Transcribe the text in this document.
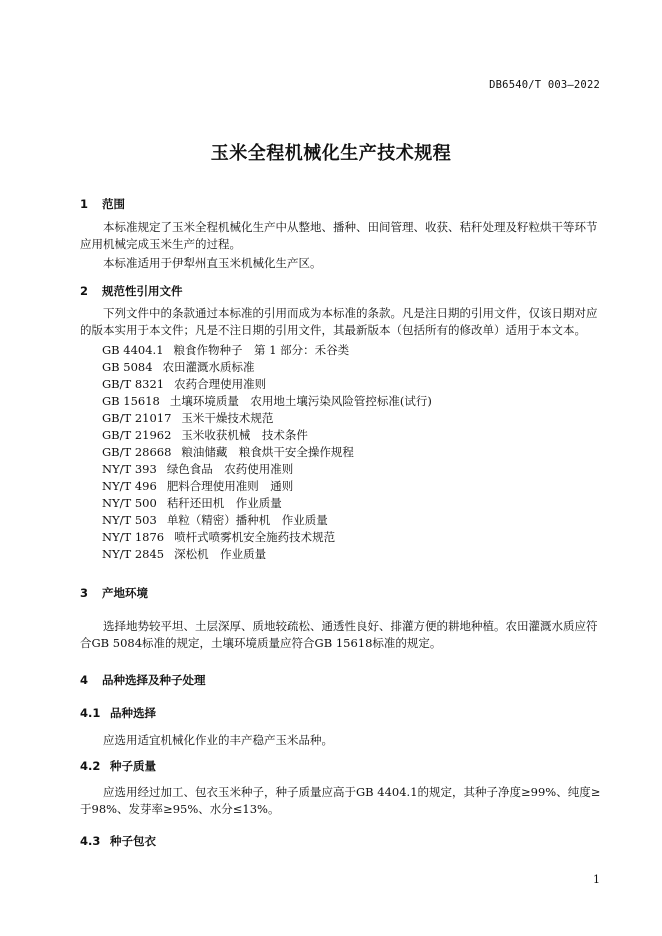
DB6540/T 003—2022
玉米全程机械化生产技术规程
1 范围
本标准规定了玉米全程机械化生产中从整地、播种、田间管理、收获、秸秆处理及籽粒烘干等环节应用机械完成玉米生产的过程。
本标准适用于伊犁州直玉米机械化生产区。
2 规范性引用文件
下列文件中的条款通过本标准的引用而成为本标准的条款。凡是注日期的引用文件，仅该日期对应的版本实用于本文件；凡是不注日期的引用文件，其最新版本（包括所有的修改单）适用于本文本。
GB 4404.1 粮食作物种子　第 1 部分：禾谷类
GB 5084 农田灌溉水质标准
GB/T 8321 农药合理使用准则
GB 15618 土壤环境质量　农用地土壤污染风险管控标准(试行)
GB/T 21017 玉米干燥技术规范
GB/T 21962 玉米收获机械　技术条件
GB/T 28668 粮油储藏　粮食烘干安全操作规程
NY/T 393 绿色食品　农药使用准则
NY/T 496 肥料合理使用准则　通则
NY/T 500 秸秆还田机　作业质量
NY/T 503 单粒（精密）播种机　作业质量
NY/T 1876 喷杆式喷雾机安全施药技术规范
NY/T 2845 深松机　作业质量
3 产地环境
选择地势较平坦、土层深厚、质地较疏松、通透性良好、排灌方便的耕地种植。农田灌溉水质应符合GB 5084标准的规定，土壤环境质量应符合GB 15618标准的规定。
4 品种选择及种子处理
4.1 品种选择
应选用适宜机械化作业的丰产稳产玉米品种。
4.2 种子质量
应选用经过加工、包衣玉米种子，种子质量应高于GB 4404.1的规定，其种子净度≥99%、纯度≥于98%、发芽率≥95%、水分≤13%。
4.3 种子包衣
1
